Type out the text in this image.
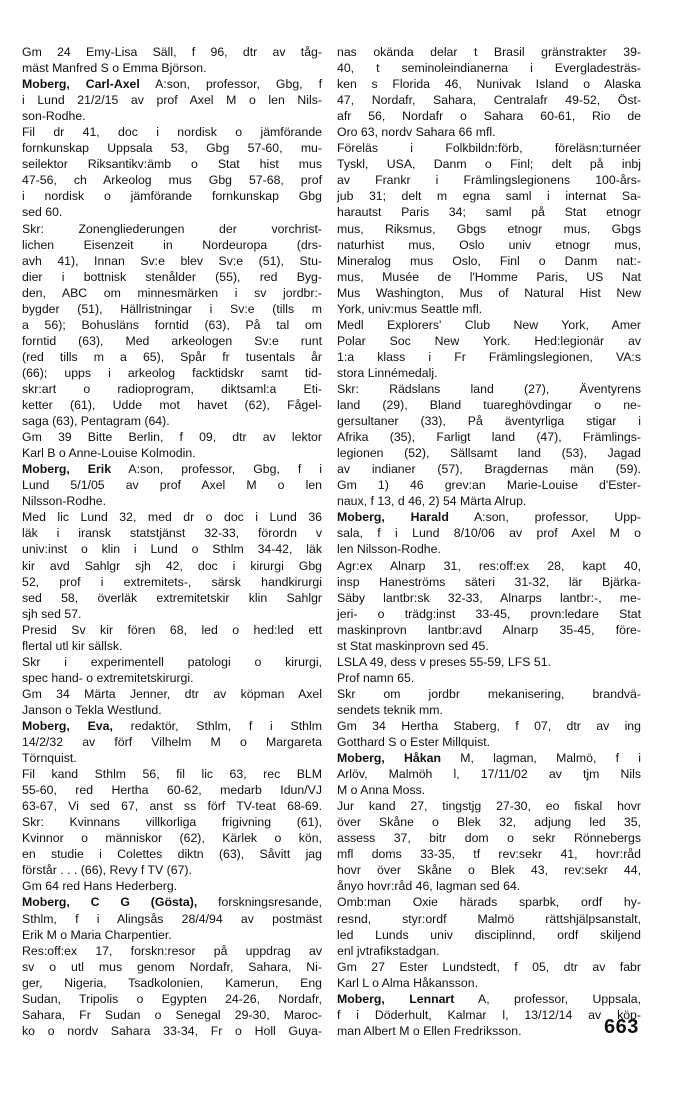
Gm 24 Emy-Lisa Säll, f 96, dtr av tåg-
mäst Manfred S o Emma Björson.
Moberg, Carl-Axel A:son, professor, Gbg, f
i Lund 21/2/15 av prof Axel M o len Nils-
son-Rodhe.
Fil dr 41, doc i nordisk o jämförande
fornkunskap Uppsala 53, Gbg 57-60, mu-
seilektor Riksantikv:ämb o Stat hist mus
47-56, ch Arkeolog mus Gbg 57-68, prof
i nordisk o jämförande fornkunskap Gbg
sed 60.
Skr: Zonengliederungen der vorchrist-
lichen Eisenzeit in Nordeuropa (drs-
avh 41), Innan Sv:e blev Sv:e (51), Stu-
dier i bottnisk stenålder (55), red Byg-
den, ABC om minnesmärken i sv jordbr:-
bygder (51), Hällristningar i Sv:e (tills m
a 56); Bohusläns forntid (63), På tal om
forntid (63), Med arkeologen Sv:e runt
(red tills m a 65), Spår fr tusentals år
(66); upps i arkeolog facktidskr samt tid-
skr:art o radioprogram, diktsaml:a Eti-
ketter (61), Udde mot havet (62), Fågel-
saga (63), Pentagram (64).
Gm 39 Bitte Berlin, f 09, dtr av lektor
Karl B o Anne-Louise Kolmodin.
Moberg, Erik A:son, professor, Gbg, f i
Lund 5/1/05 av prof Axel M o len
Nilsson-Rodhe.
Med lic Lund 32, med dr o doc i Lund 36
läk i iransk statstjänst 32-33, förordn v
univ:inst o klin i Lund o Sthlm 34-42, läk
kir avd Sahlgr sjh 42, doc i kirurgi Gbg
52, prof i extremitets-, särsk handkirurgi
sed 58, överläk extremitetskir klin Sahlgr
sjh sed 57.
Presid Sv kir fören 68, led o hed:led ett
flertal utl kir sällsk.
Skr i experimentell patologi o kirurgi,
spec hand- o extremitetskirurgi.
Gm 34 Märta Jenner, dtr av köpman Axel
Janson o Tekla Westlund.
Moberg, Eva, redaktör, Sthlm, f i Sthlm
14/2/32 av förf Vilhelm M o Margareta
Törnquist.
Fil kand Sthlm 56, fil lic 63, rec BLM
55-60, red Hertha 60-62, medarb Idun/VJ
63-67, Vi sed 67, anst ss förf TV-teat 68-69.
Skr: Kvinnans villkorliga frigivning (61),
Kvinnor o människor (62), Kärlek o kön,
en studie i Colettes diktn (63), Såvitt jag
förstår . . . (66), Revy f TV (67).
Gm 64 red Hans Hederberg.
Moberg, C G (Gösta), forskningsresande,
Sthlm, f i Alingsås 28/4/94 av postmäst
Erik M o Maria Charpentier.
Res:off:ex 17, forskn:resor på uppdrag av
sv o utl mus genom Nordafr, Sahara, Ni-
ger, Nigeria, Tsadkolonien, Kamerun, Eng
Sudan, Tripolis o Egypten 24-26, Nordafr,
Sahara, Fr Sudan o Senegal 29-30, Maroc-
ko o nordv Sahara 33-34, Fr o Holl Guya-
nas okända delar t Brasil gränstrakter 39-
40, t seminoleindianerna i Evergladesträs-
ken s Florida 46, Nunivak Island o Alaska
47, Nordafr, Sahara, Centralafr 49-52, Öst-
afr 56, Nordafr o Sahara 60-61, Rio de
Oro 63, nordv Sahara 66 mfl.
Föreläs i Folkbildn:förb, föreläsn:turnéer
Tyskl, USA, Danm o Finl; delt på inbj
av Frankr i Främlingslegionens 100-års-
jub 31; delt m egna saml i internat Sa-
harautst Paris 34; saml på Stat etnogr
mus, Riksmus, Gbgs etnogr mus, Gbgs
naturhist mus, Oslo univ etnogr mus,
Mineralog mus Oslo, Finl o Danm nat:-
mus, Musée de l'Homme Paris, US Nat
Mus Washington, Mus of Natural Hist New
York, univ:mus Seattle mfl.
Medl Explorers' Club New York, Amer
Polar Soc New York. Hed:legionär av
1:a klass i Fr Främlingslegionen, VA:s
stora Linnémedalj.
Skr: Rädslans land (27), Äventyrens
land (29), Bland tuareghövdingar o ne-
gersultaner (33), På äventyrliga stigar i
Afrika (35), Farligt land (47), Främlings-
legionen (52), Sällsamt land (53), Jagad
av indianer (57), Bragdernas män (59).
Gm 1) 46 grev:an Marie-Louise d'Ester-
naux, f 13, d 46, 2) 54 Märta Alrup.
Moberg, Harald A:son, professor, Upp-
sala, f i Lund 8/10/06 av prof Axel M o
len Nilsson-Rodhe.
Agr:ex Alnarp 31, res:off:ex 28, kapt 40,
insp Haneströms säteri 31-32, lär Bjärka-
Säby lantbr:sk 32-33, Alnarps lantbr:-, me-
jeri- o trädg:inst 33-45, provn:ledare Stat
maskinprovn lantbr:avd Alnarp 35-45, före-
st Stat maskinprovn sed 45.
LSLA 49, dess v preses 55-59, LFS 51.
Prof namn 65.
Skr om jordbr mekanisering, brandvä-
sendets teknik mm.
Gm 34 Hertha Staberg, f 07, dtr av ing
Gotthard S o Ester Millquist.
Moberg, Håkan M, lagman, Malmö, f i
Arlöv, Malmöh l, 17/11/02 av tjm Nils
M o Anna Moss.
Jur kand 27, tingstjg 27-30, eo fiskal hovr
över Skåne o Blek 32, adjung led 35,
assess 37, bitr dom o sekr Rönnebergs
mfl doms 33-35, tf rev:sekr 41, hovr:råd
hovr över Skåne o Blek 43, rev:sekr 44,
ånyo hovr:råd 46, lagman sed 64.
Omb:man Oxie härads sparbk, ordf hy-
resnd, styr:ordf Malmö rättshjälpsanstalt,
led Lunds univ disciplinnd, ordf skiljend
enl jvtrafikstadgan.
Gm 27 Ester Lundstedt, f 05, dtr av fabr
Karl L o Alma Håkansson.
Moberg, Lennart A, professor, Uppsala,
f i Döderhult, Kalmar l, 13/12/14 av köp-
man Albert M o Ellen Fredriksson.	663
